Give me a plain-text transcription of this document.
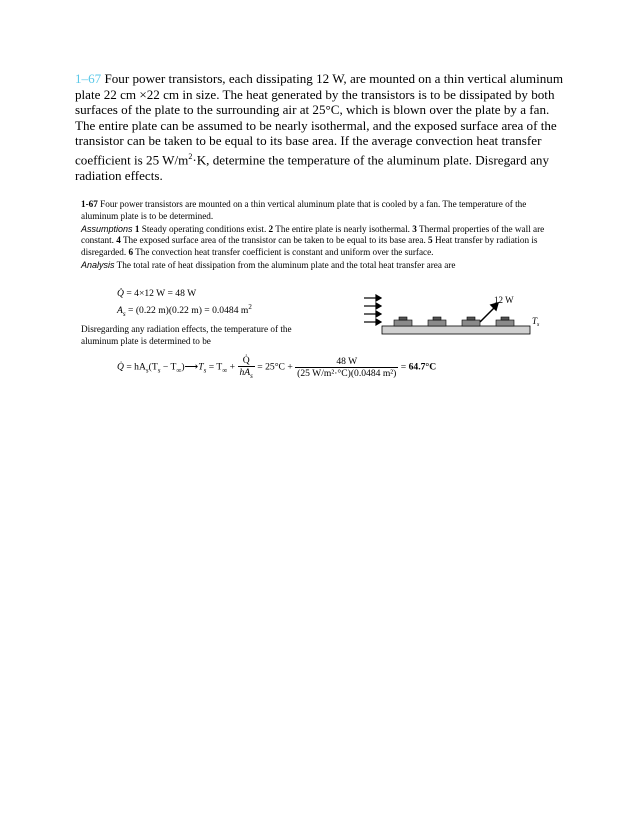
1–67 Four power transistors, each dissipating 12 W, are mounted on a thin vertical aluminum plate 22 cm ×22 cm in size. The heat generated by the transistors is to be dissipated by both surfaces of the plate to the surrounding air at 25°C, which is blown over the plate by a fan. The entire plate can be assumed to be nearly isothermal, and the exposed surface area of the transistor can be taken to be equal to its base area. If the average convection heat transfer coefficient is 25 $W/m^2\cdot K$, determine the temperature of the aluminum plate. Disregard any radiation effects.

1-67 Four power transistors are mounted on a thin vertical aluminum plate that is cooled by a fan. The temperature of the aluminum plate is to be determined.

Assumptions 1 Steady operating conditions exist. 2 The entire plate is nearly isothermal. 3 Thermal properties of the wall are constant. 4 The exposed surface area of the transistor can be taken to be equal to its base area. 5 Heat transfer by radiation is disregarded. 6 The convection heat transfer coefficient is constant and uniform over the surface.

Analysis The total rate of heat dissipation from the aluminum plate and the total heat transfer area are

Q̇ = 4×12 W = 48 W
$A_s = (0.22$ m)(0.22 m) = 0.0484 $m^2$
Disregarding any radiation effects, the temperature of the aluminum plate is determined to be
Q̇ = $hA_s(T_s$ − $T_\infty)⟶T_s = T_\infty + \frac{Q̇}{hA_s} = 25^\circ C + \frac{48 W}{\text{(25 W/m²·°C)(0.0484 m²)}} = 64.7^\circ C$
12 W
$T_s$
